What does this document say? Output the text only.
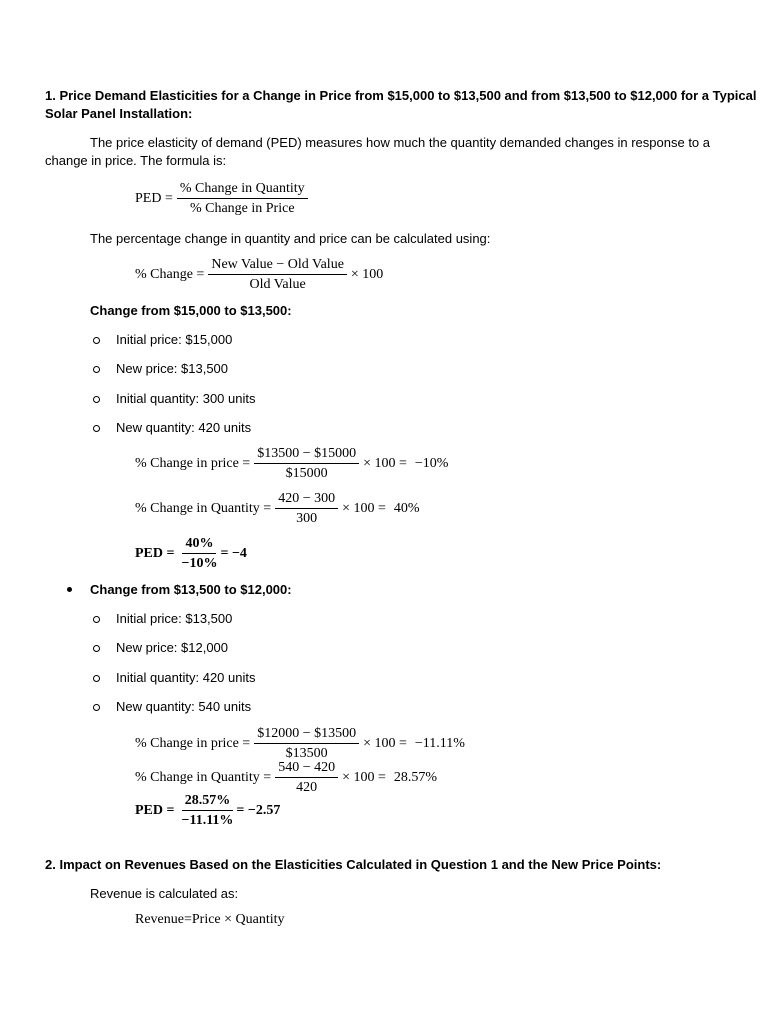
1. Price Demand Elasticities for a Change in Price from $15,000 to $13,500 and from $13,500 to $12,000 for a Typical
Solar Panel Installation:
The price elasticity of demand (PED) measures how much the quantity demanded changes in response to a
change in price. The formula is:
PED = $\frac{\text{\% Change in Quantity}}{\text{\% Change in Price}}$
The percentage change in quantity and price can be calculated using:
% Change = $\frac{\text{New Value − Old Value}}{\text{Old Value}} \times 100$
Change from $15,000 to $13,500:
Initial price: $15,000
New price: $13,500
Initial quantity: 300 units
New quantity: 420 units
% Change in price = $\frac{\$13500 - \$15000}{\$15000} \times 100 = -10\%$
% Change in Quantity = $\frac{420 - 300}{300} \times 100 = 40\%$
PED = $\frac{40\%}{-10\%} = -4$
Change from $13,500 to $12,000:
Initial price: $13,500
New price: $12,000
Initial quantity: 420 units
New quantity: 540 units
% Change in price = $\frac{\$12000 - \$13500}{\$13500} \times 100 = -11.11\%$
% Change in Quantity = $\frac{540 - 420}{420} \times 100 = 28.57\%$
PED = $\frac{28.57\%}{-11.11\%} = -2.57$
2. Impact on Revenues Based on the Elasticities Calculated in Question 1 and the New Price Points:
Revenue is calculated as:
Revenue=Price × Quantity
